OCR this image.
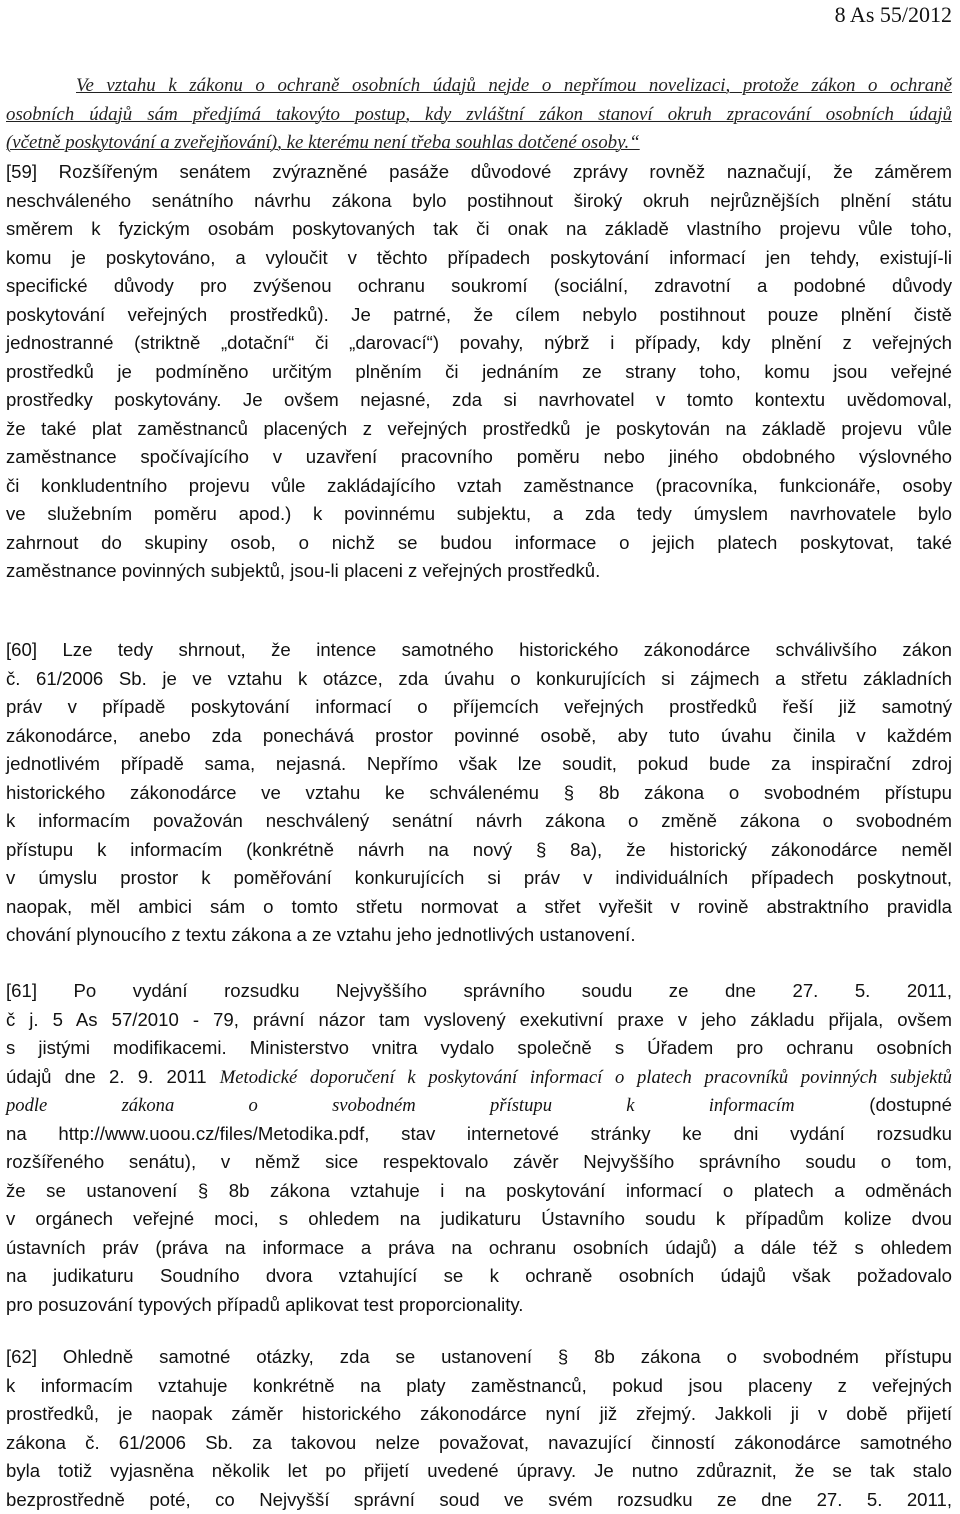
8 As 55/2012
Ve vztahu k zákonu o ochraně osobních údajů nejde o nepřímou novelizaci, protože zákon o ochraně
osobních údajů sám předjímá takovýto postup, kdy zvláštní zákon stanoví okruh zpracování osobních údajů
(včetně poskytování a zveřejňování), ke kterému není třeba souhlas dotčené osoby.“
[59] Rozšířeným senátem zvýrazněné pasáže důvodové zprávy rovněž naznačují, že záměrem
neschváleného senátního návrhu zákona bylo postihnout široký okruh nejrůznějších plnění státu
směrem k fyzickým osobám poskytovaných tak či onak na základě vlastního projevu vůle toho,
komu je poskytováno, a vyloučit v těchto případech poskytování informací jen tehdy, existují-li
specifické důvody pro zvýšenou ochranu soukromí (sociální, zdravotní a podobné důvody
poskytování veřejných prostředků). Je patrné, že cílem nebylo postihnout pouze plnění čistě
jednostranné (striktně „dotační“ či „darovací“) povahy, nýbrž i případy, kdy plnění z veřejných
prostředků je podmíněno určitým plněním či jednáním ze strany toho, komu jsou veřejné
prostředky poskytovány. Je ovšem nejasné, zda si navrhovatel v tomto kontextu uvědomoval,
že také plat zaměstnanců placených z veřejných prostředků je poskytován na základě projevu vůle
zaměstnance spočívajícího v uzavření pracovního poměru nebo jiného obdobného výslovného
či konkludentního projevu vůle zakládajícího vztah zaměstnance (pracovníka, funkcionáře, osoby
ve služebním poměru apod.) k povinnému subjektu, a zda tedy úmyslem navrhovatele bylo
zahrnout do skupiny osob, o nichž se budou informace o jejich platech poskytovat, také
zaměstnance povinných subjektů, jsou-li placeni z veřejných prostředků.
[60] Lze tedy shrnout, že intence samotného historického zákonodárce schválivšího zákon
č. 61/2006 Sb. je ve vztahu k otázce, zda úvahu o konkurujících si zájmech a střetu základních
práv v případě poskytování informací o příjemcích veřejných prostředků řeší již samotný
zákonodárce, anebo zda ponechává prostor povinné osobě, aby tuto úvahu činila v každém
jednotlivém případě sama, nejasná. Nepřímo však lze soudit, pokud bude za inspirační zdroj
historického zákonodárce ve vztahu ke schválenému § 8b zákona o svobodném přístupu
k informacím považován neschválený senátní návrh zákona o změně zákona o svobodném
přístupu k informacím (konkrétně návrh na nový § 8a), že historický zákonodárce neměl
v úmyslu prostor k poměřování konkurujících si práv v individuálních případech poskytnout,
naopak, měl ambici sám o tomto střetu normovat a střet vyřešit v rovině abstraktního pravidla
chování plynoucího z textu zákona a ze vztahu jeho jednotlivých ustanovení.
[61] Po vydání rozsudku Nejvyššího správního soudu ze dne 27. 5. 2011,
č j. 5 As 57/2010 - 79, právní názor tam vyslovený exekutivní praxe v jeho základu přijala, ovšem
s jistými modifikacemi. Ministerstvo vnitra vydalo společně s Úřadem pro ochranu osobních
údajů dne 2. 9. 2011 Metodické doporučení k poskytování informací o platech pracovníků povinných subjektů
podle zákona o svobodném přístupu k informacím (dostupné
na http://www.uoou.cz/files/Metodika.pdf, stav internetové stránky ke dni vydání rozsudku
rozšířeného senátu), v němž sice respektovalo závěr Nejvyššího správního soudu o tom,
že se ustanovení § 8b zákona vztahuje i na poskytování informací o platech a odměnách
v orgánech veřejné moci, s ohledem na judikaturu Ústavního soudu k případům kolize dvou
ústavních práv (práva na informace a práva na ochranu osobních údajů) a dále též s ohledem
na judikaturu Soudního dvora vztahující se k ochraně osobních údajů však požadovalo
pro posuzování typových případů aplikovat test proporcionality.
[62] Ohledně samotné otázky, zda se ustanovení § 8b zákona o svobodném přístupu
k informacím vztahuje konkrétně na platy zaměstnanců, pokud jsou placeny z veřejných
prostředků, je naopak záměr historického zákonodárce nyní již zřejmý. Jakkoli ji v době přijetí
zákona č. 61/2006 Sb. za takovou nelze považovat, navazující činností zákonodárce samotného
byla totiž vyjasněna několik let po přijetí uvedené úpravy. Je nutno zdůraznit, že se tak stalo
bezprostředně poté, co Nejvyšší správní soud ve svém rozsudku ze dne 27. 5. 2011,
